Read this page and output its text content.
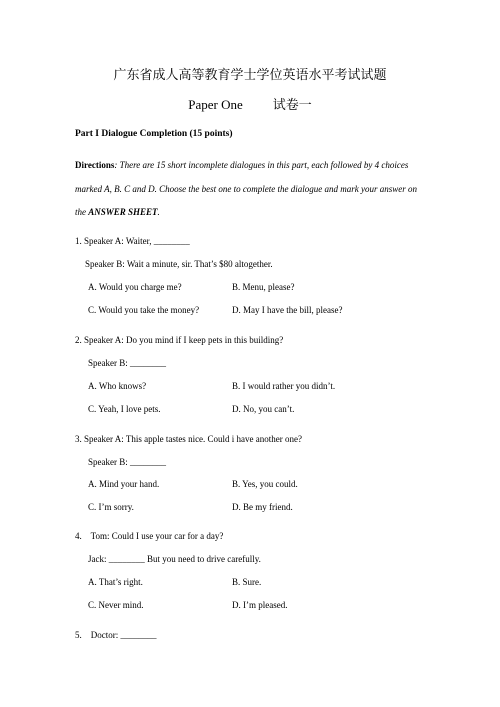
广东省成人高等教育学士学位英语水平考试试题
Paper One 试卷一
Part I Dialogue Completion (15 points)
Directions: There are 15 short incomplete dialogues in this part, each followed by 4 choices
marked A, B. C and D. Choose the best one to complete the dialogue and mark your answer on
the ANSWER SHEET.
1. Speaker A: Waiter, ________
Speaker B: Wait a minute, sir. That’s $80 altogether.
A. Would you charge me?	B. Menu, please?
C. Would you take the money?	D. May I have the bill, please?
2. Speaker A: Do you mind if I keep pets in this building?
Speaker B: ________
A. Who knows?	B. I would rather you didn’t.
C. Yeah, I love pets.	D. No, you can’t.
3. Speaker A: This apple tastes nice. Could i have another one?
Speaker B: ________
A. Mind your hand.	B. Yes, you could.
C. I’m sorry.	D. Be my friend.
4.    Tom: Could I use your car for a day?
Jack: ________ But you need to drive carefully.
A. That’s right.	B. Sure.
C. Never mind.	D. I’m pleased.
5.    Doctor: ________
